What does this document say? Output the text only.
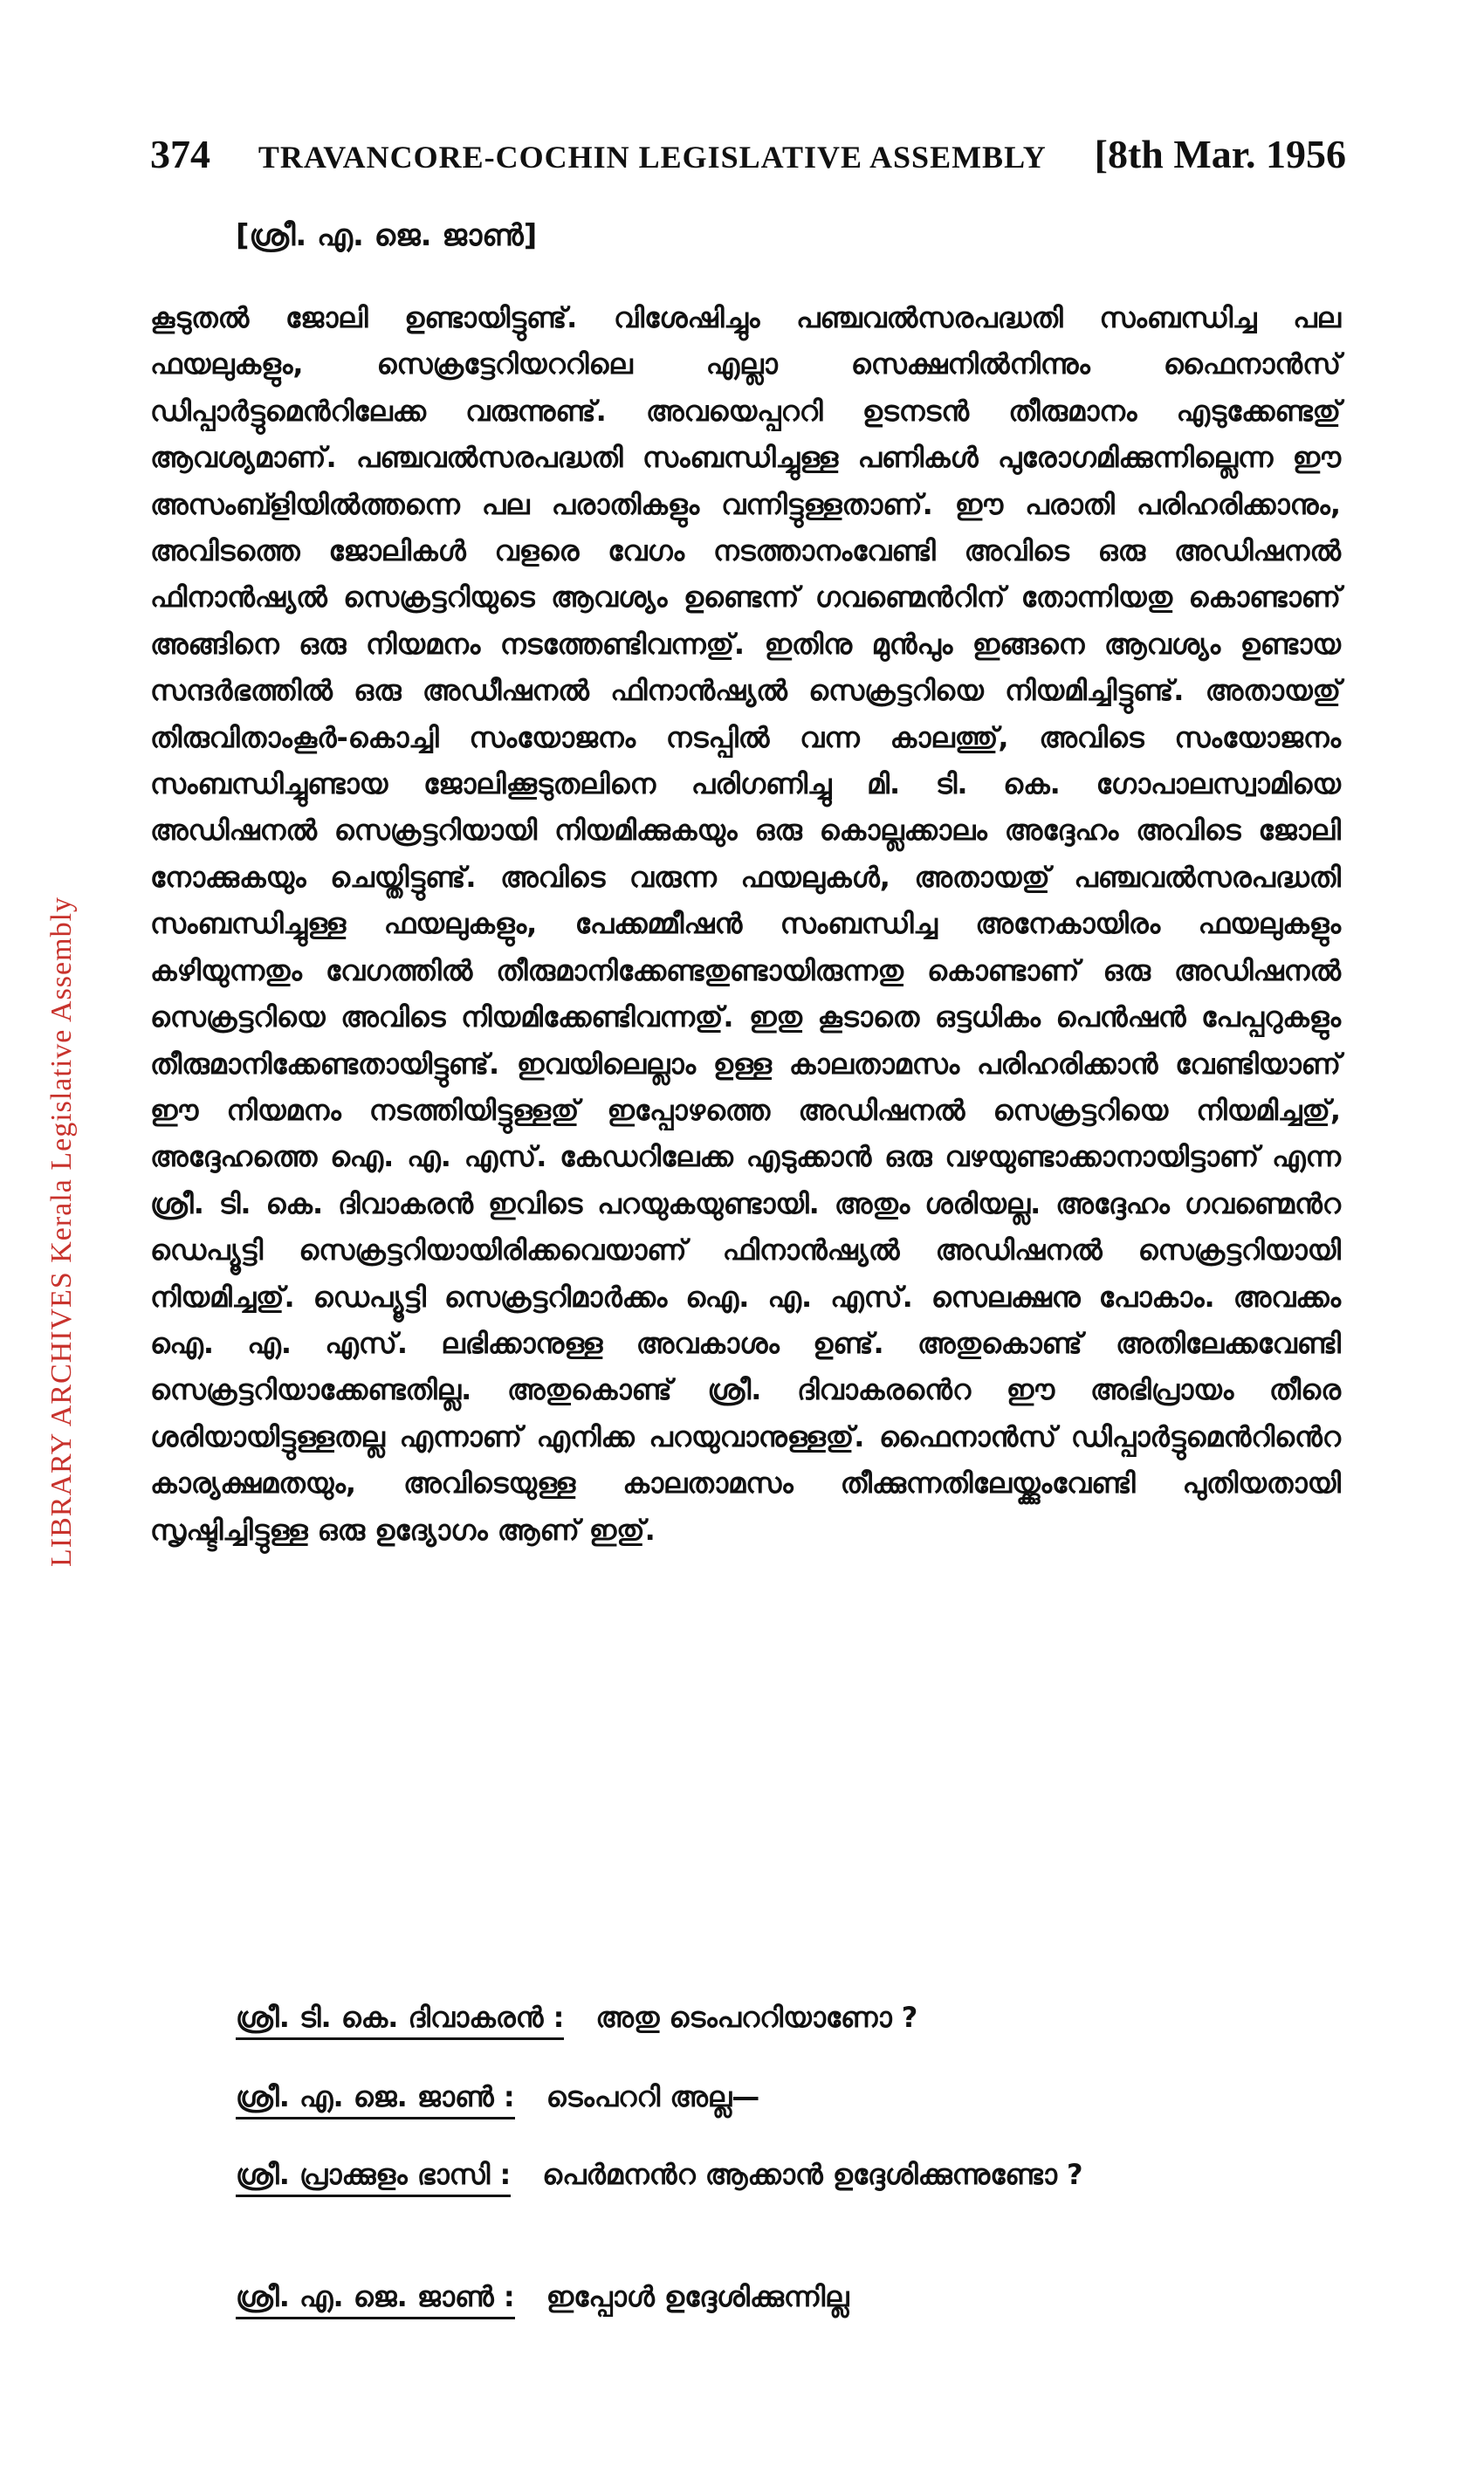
LIBRARY ARCHIVES Kerala Legislative Assembly
374 TRAVANCORE-COCHIN LEGISLATIVE ASSEMBLY [8th Mar. 1956
[ശ്രീ. എ. ജെ. ജാൺ]
കൂടുതൽ ജോലി ഉണ്ടായിട്ടുണ്ട്. വിശേഷിച്ചും പഞ്ചവൽസരപദ്ധതി സംബന്ധിച്ച പല ഫയലുകളും, സെക്രട്ടേറിയററിലെ എല്ലാ സെക്ഷനിൽനിന്നും ഫൈനാൻസ് ഡിപ്പാർട്ടുമെൻറിലേക്ക വരുന്നുണ്ട്. അവയെപ്പററി ഉടനടൻ തീരുമാനം എടുക്കേണ്ടതു് ആവശ്യമാണ്. പഞ്ചവൽസരപദ്ധതി സംബന്ധിച്ചുള്ള പണികൾ പുരോഗമിക്കുന്നില്ലെന്ന ഈ അസംബ്ളിയിൽത്തന്നെ പല പരാതികളും വന്നിട്ടുള്ളതാണ്. ഈ പരാതി പരിഹരിക്കാനും, അവിടത്തെ ജോലികൾ വളരെ വേഗം നടത്താനംവേണ്ടി അവിടെ ഒരു അഡിഷനൽ ഫിനാൻഷ്യൽ സെക്രട്ടറിയുടെ ആവശ്യം ഉണ്ടെന്ന് ഗവണ്മെൻറിന് തോന്നിയതു കൊണ്ടാണ് അങ്ങിനെ ഒരു നിയമനം നടത്തേണ്ടിവന്നതു്. ഇതിനു മുൻപും ഇങ്ങനെ ആവശ്യം ഉണ്ടായ സന്ദർഭത്തിൽ ഒരു അഡീഷനൽ ഫിനാൻഷ്യൽ സെക്രട്ടറിയെ നിയമിച്ചിട്ടുണ്ട്. അതായതു് തിരുവിതാംകൂർ-കൊച്ചി സംയോജനം നടപ്പിൽ വന്ന കാലത്തു്, അവിടെ സംയോജനം സംബന്ധിച്ചുണ്ടായ ജോലിക്കൂടുതലിനെ പരിഗണിച്ചു മി. ടി. കെ. ഗോപാലസ്വാമിയെ അഡിഷനൽ സെക്രട്ടറിയായി നിയമിക്കുകയും ഒരു കൊല്ലക്കാലം അദ്ദേഹം അവിടെ ജോലി നോക്കുകയും ചെയ്തിട്ടുണ്ട്. അവിടെ വരുന്ന ഫയലുകൾ, അതായതു് പഞ്ചവൽസരപദ്ധതി സംബന്ധിച്ചുള്ള ഫയലുകളും, പേക്കമ്മീഷൻ സംബന്ധിച്ച അനേകായിരം ഫയലുകളും കഴിയുന്നതും വേഗത്തിൽ തീരുമാനിക്കേണ്ടതുണ്ടായിരുന്നതു കൊണ്ടാണ് ഒരു അഡിഷനൽ സെക്രട്ടറിയെ അവിടെ നിയമിക്കേണ്ടിവന്നതു്. ഇതു കൂടാതെ ഒട്ടധികം പെൻഷൻ പേപ്പറുകളും തീരുമാനിക്കേണ്ടതായിട്ടുണ്ട്. ഇവയിലെല്ലാം ഉള്ള കാലതാമസം പരിഹരിക്കാൻ വേണ്ടിയാണ് ഈ നിയമനം നടത്തിയിട്ടുള്ളതു് ഇപ്പോഴത്തെ അഡിഷനൽ സെക്രട്ടറിയെ നിയമിച്ചതു്, അദ്ദേഹത്തെ ഐ. എ. എസ്. കേഡറിലേക്ക എടുക്കാൻ ഒരു വഴയുണ്ടാക്കാനായിട്ടാണ് എന്ന ശ്രീ. ടി. കെ. ദിവാകരൻ ഇവിടെ പറയുകയുണ്ടായി. അതും ശരിയല്ല. അദ്ദേഹം ഗവണ്മെൻറ ഡെപ്യൂട്ടി സെക്രട്ടറിയായിരിക്കവെയാണ് ഫിനാൻഷ്യൽ അഡിഷനൽ സെക്രട്ടറിയായി നിയമിച്ചതു്. ഡെപ്യൂട്ടി സെക്രട്ടറിമാർക്കം ഐ. എ. എസ്. സെലക്ഷനു പോകാം. അവക്കം ഐ. എ. എസ്. ലഭിക്കാനുള്ള അവകാശം ഉണ്ട്. അതുകൊണ്ട് അതിലേക്കവേണ്ടി സെക്രട്ടറിയാക്കേണ്ടതില്ല. അതുകൊണ്ട് ശ്രീ. ദിവാകരൻെറ ഈ അഭിപ്രായം തീരെ ശരിയായിട്ടുള്ളതല്ല എന്നാണ് എനിക്ക പറയുവാനുള്ളതു്. ഫൈനാൻസ് ഡിപ്പാർട്ടുമെൻറിൻെറ കാര്യക്ഷമതയും, അവിടെയുള്ള കാലതാമസം തീക്കുന്നതിലേയ്ക്കുംവേണ്ടി പുതിയതായി സൃഷ്ടിച്ചിട്ടുള്ള ഒരു ഉദ്യോഗം ആണ് ഇതു്.
ശ്രീ. ടി. കെ. ദിവാകരൻ : അതു ടെംപററിയാണോ ?
ശ്രീ. എ. ജെ. ജാൺ : ടെംപററി അല്ല—
ശ്രീ. പ്രാക്കുളം ഭാസി : പെർമനൻറ ആക്കാൻ ഉദ്ദേശിക്കുന്നുണ്ടോ ?
ശ്രീ. എ. ജെ. ജാൺ : ഇപ്പോൾ ഉദ്ദേശിക്കുന്നില്ല
